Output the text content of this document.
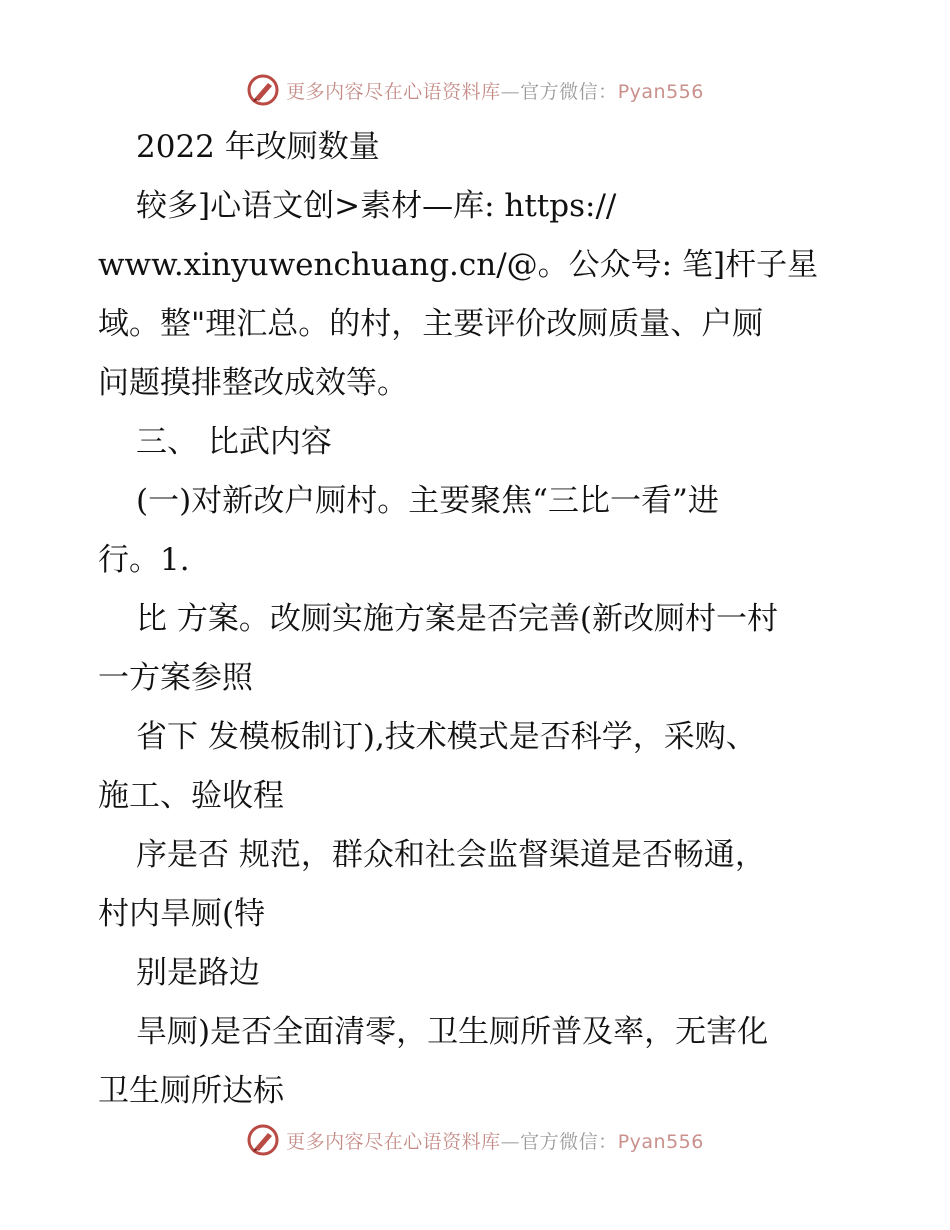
更多内容尽在心语资料库—官方微信：Pyan556
2022 年改厕数量
较多]心语文创>素材—库: https://
www.xinyuwenchuang.cn/@。公众号: 笔]杆子星
域。整"理汇总。的村，主要评价改厕质量、户厕
问题摸排整改成效等。
三、 比武内容
(一)对新改户厕村。主要聚焦“三比一看”进
行。1.
比 方案。改厕实施方案是否完善(新改厕村一村
一方案参照
省下 发模板制订),技术模式是否科学，采购、
施工、验收程
序是否 规范，群众和社会监督渠道是否畅通，
村内旱厕(特
别是路边
旱厕)是否全面清零，卫生厕所普及率，无害化
卫生厕所达标
更多内容尽在心语资料库—官方微信：Pyan556
